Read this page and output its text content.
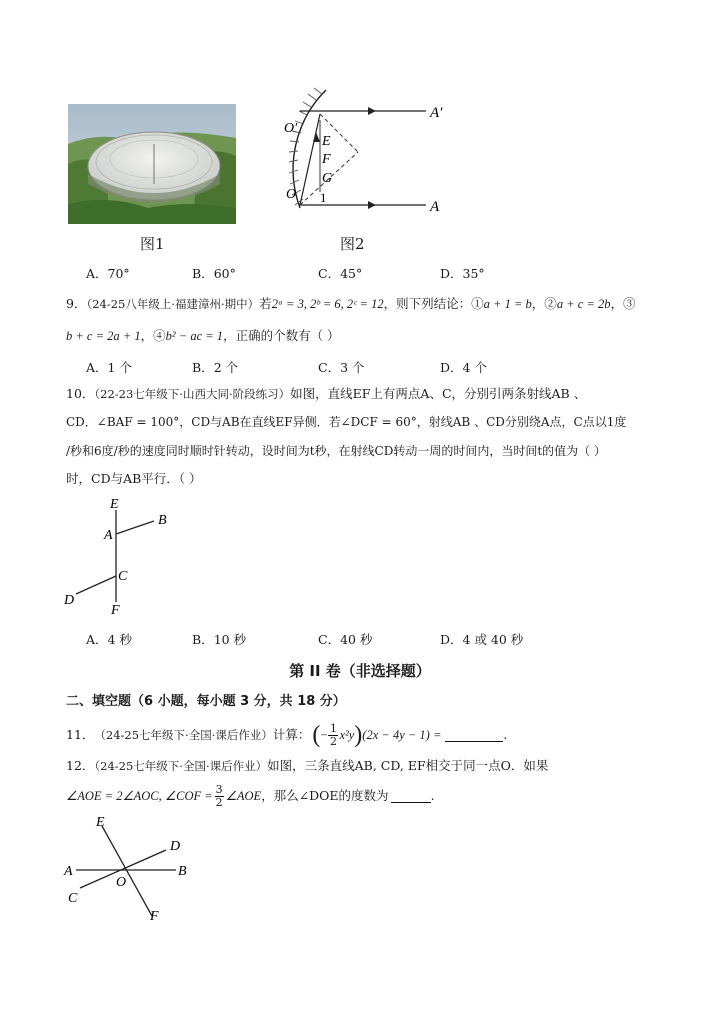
图1
O′
E
F
G
O 1
A′
A
图2
A．70°	B．60°	C．45°	D．35°
9．（24-25八年级上·福建漳州·期中）若2ᵃ = 3, 2ᵇ = 6, 2ᶜ = 12，则下列结论：①a + 1 = b，②a + c = 2b，③
b + c = 2a + 1，④b² − ac = 1，正确的个数有（ ）
A．1 个	B．2 个	C．3 个	D．4 个
10．（22-23七年级下·山西大同·阶段练习）如图，直线EF上有两点A、C，分别引两条射线AB 、
CD．∠BAF = 100°，CD与AB在直线EF异侧．若∠DCF = 60°，射线AB 、CD分别绕A点，C点以1度
/秒和6度/秒的速度同时顺时针转动，设时间为t秒，在射线CD转动一周的时间内，当时间t的值为（ ）
时，CD与AB平行．（ ）
E
B
A
C
D
F
A．4 秒	B．10 秒	C．40 秒	D．4 或 40 秒
第 II 卷（非选择题）
二、填空题（6 小题，每小题 3 分，共 18 分）
11． （24-25七年级下·全国·课后作业） 计算： ( − 1
2 x²y ) (2x − 4y − 1) =	.
12．（24-25七年级下·全国·课后作业）如图，三条直线AB, CD, EF相交于同一点O．如果
∠AOE = 2∠AOC, ∠COF = 3
2 ∠AOE ，那么∠DOE的度数为	.
E
D
A
O
B
C
F
